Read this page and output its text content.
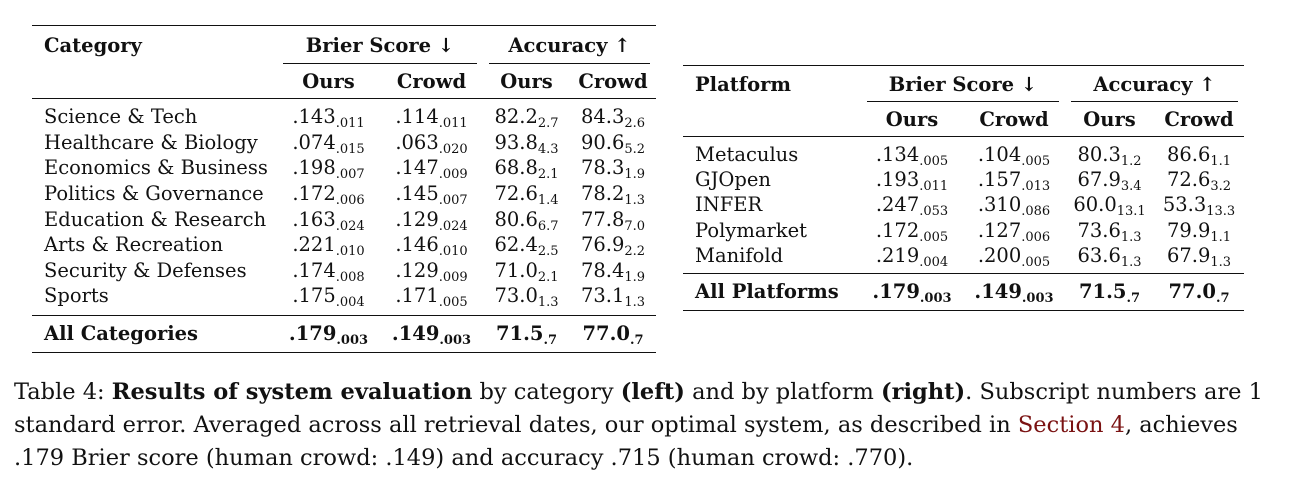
Category	Brier Score ↓		Accuracy ↑	
	Ours	Crowd	Ours	Crowd
Science & Tech	$.143_{.011}$	$.114_{.011}$	$82.2_{2.7}$	$84.3_{2.6}$
Healthcare & Biology	$.074_{.015}$	$.063_{.020}$	$93.8_{4.3}$	$90.6_{5.2}$
Economics & Business	$.198_{.007}$	$.147_{.009}$	$68.8_{2.1}$	$78.3_{1.9}$
Politics & Governance	$.172_{.006}$	$.145_{.007}$	$72.6_{1.4}$	$78.2_{1.3}$
Education & Research	$.163_{.024}$	$.129_{.024}$	$80.6_{6.7}$	$77.8_{7.0}$
Arts & Recreation	$.221_{.010}$	$.146_{.010}$	$62.4_{2.5}$	$76.9_{2.2}$
Security & Defenses	$.174_{.008}$	$.129_{.009}$	$71.0_{2.1}$	$78.4_{1.9}$
Sports	$.175_{.004}$	$.171_{.005}$	$73.0_{1.3}$	$73.1_{1.3}$
All Categories	$.179_{.003}$	$.149_{.003}$	$71.5_{.7}$	$77.0_{.7}$
Platform	Brier Score ↓		Accuracy ↑	
	Ours	Crowd	Ours	Crowd
Metaculus	$.134_{.005}$	$.104_{.005}$	$80.3_{1.2}$	$86.6_{1.1}$
GJOpen	$.193_{.011}$	$.157_{.013}$	$67.9_{3.4}$	$72.6_{3.2}$
INFER	$.247_{.053}$	$.310_{.086}$	$60.0_{13.1}$	$53.3_{13.3}$
Polymarket	$.172_{.005}$	$.127_{.006}$	$73.6_{1.3}$	$79.9_{1.1}$
Manifold	$.219_{.004}$	$.200_{.005}$	$63.6_{1.3}$	$67.9_{1.3}$
All Platforms	$.179_{.003}$	$.149_{.003}$	$71.5_{.7}$	$77.0_{.7}$
Table 4: Results of system evaluation by category (left) and by platform (right). Subscript numbers are 1 standard error. Averaged across all retrieval dates, our optimal system, as described in Section 4, achieves .179 Brier score (human crowd: .149) and accuracy .715 (human crowd: .770).
